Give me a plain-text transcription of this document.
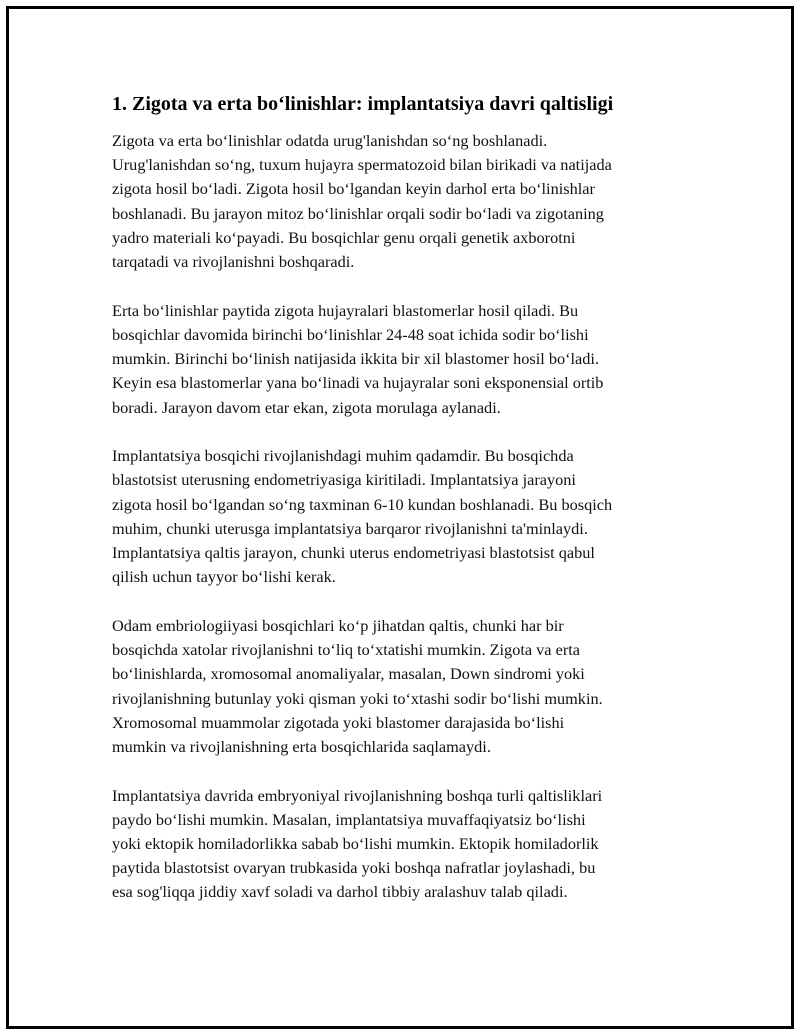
1. Zigota va erta bo‘linishlar: implantatsiya davri qaltisligi

Zigota va erta bo‘linishlar odatda urug'lanishdan so‘ng boshlanadi.
Urug'lanishdan so‘ng, tuxum hujayra spermatozoid bilan birikadi va natijada
zigota hosil bo‘ladi. Zigota hosil bo‘lgandan keyin darhol erta bo‘linishlar
boshlanadi. Bu jarayon mitoz bo‘linishlar orqali sodir bo‘ladi va zigotaning
yadro materiali ko‘payadi. Bu bosqichlar genu orqali genetik axborotni
tarqatadi va rivojlanishni boshqaradi.

Erta bo‘linishlar paytida zigota hujayralari blastomerlar hosil qiladi. Bu
bosqichlar davomida birinchi bo‘linishlar 24-48 soat ichida sodir bo‘lishi
mumkin. Birinchi bo‘linish natijasida ikkita bir xil blastomer hosil bo‘ladi.
Keyin esa blastomerlar yana bo‘linadi va hujayralar soni eksponensial ortib
boradi. Jarayon davom etar ekan, zigota morulaga aylanadi.

Implantatsiya bosqichi rivojlanishdagi muhim qadamdir. Bu bosqichda
blastotsist uterusning endometriyasiga kiritiladi. Implantatsiya jarayoni
zigota hosil bo‘lgandan so‘ng taxminan 6-10 kundan boshlanadi. Bu bosqich
muhim, chunki uterusga implantatsiya barqaror rivojlanishni ta'minlaydi.
Implantatsiya qaltis jarayon, chunki uterus endometriyasi blastotsist qabul
qilish uchun tayyor bo‘lishi kerak.

Odam embriologiiyasi bosqichlari ko‘p jihatdan qaltis, chunki har bir
bosqichda xatolar rivojlanishni to‘liq to‘xtatishi mumkin. Zigota va erta
bo‘linishlarda, xromosomal anomaliyalar, masalan, Down sindromi yoki
rivojlanishning butunlay yoki qisman yoki to‘xtashi sodir bo‘lishi mumkin.
Xromosomal muammolar zigotada yoki blastomer darajasida bo‘lishi
mumkin va rivojlanishning erta bosqichlarida saqlamaydi.

Implantatsiya davrida embryoniyal rivojlanishning boshqa turli qaltisliklari
paydo bo‘lishi mumkin. Masalan, implantatsiya muvaffaqiyatsiz bo‘lishi
yoki ektopik homiladorlikka sabab bo‘lishi mumkin. Ektopik homiladorlik
paytida blastotsist ovaryan trubkasida yoki boshqa nafratlar joylashadi, bu
esa sog'liqqa jiddiy xavf soladi va darhol tibbiy aralashuv talab qiladi.
